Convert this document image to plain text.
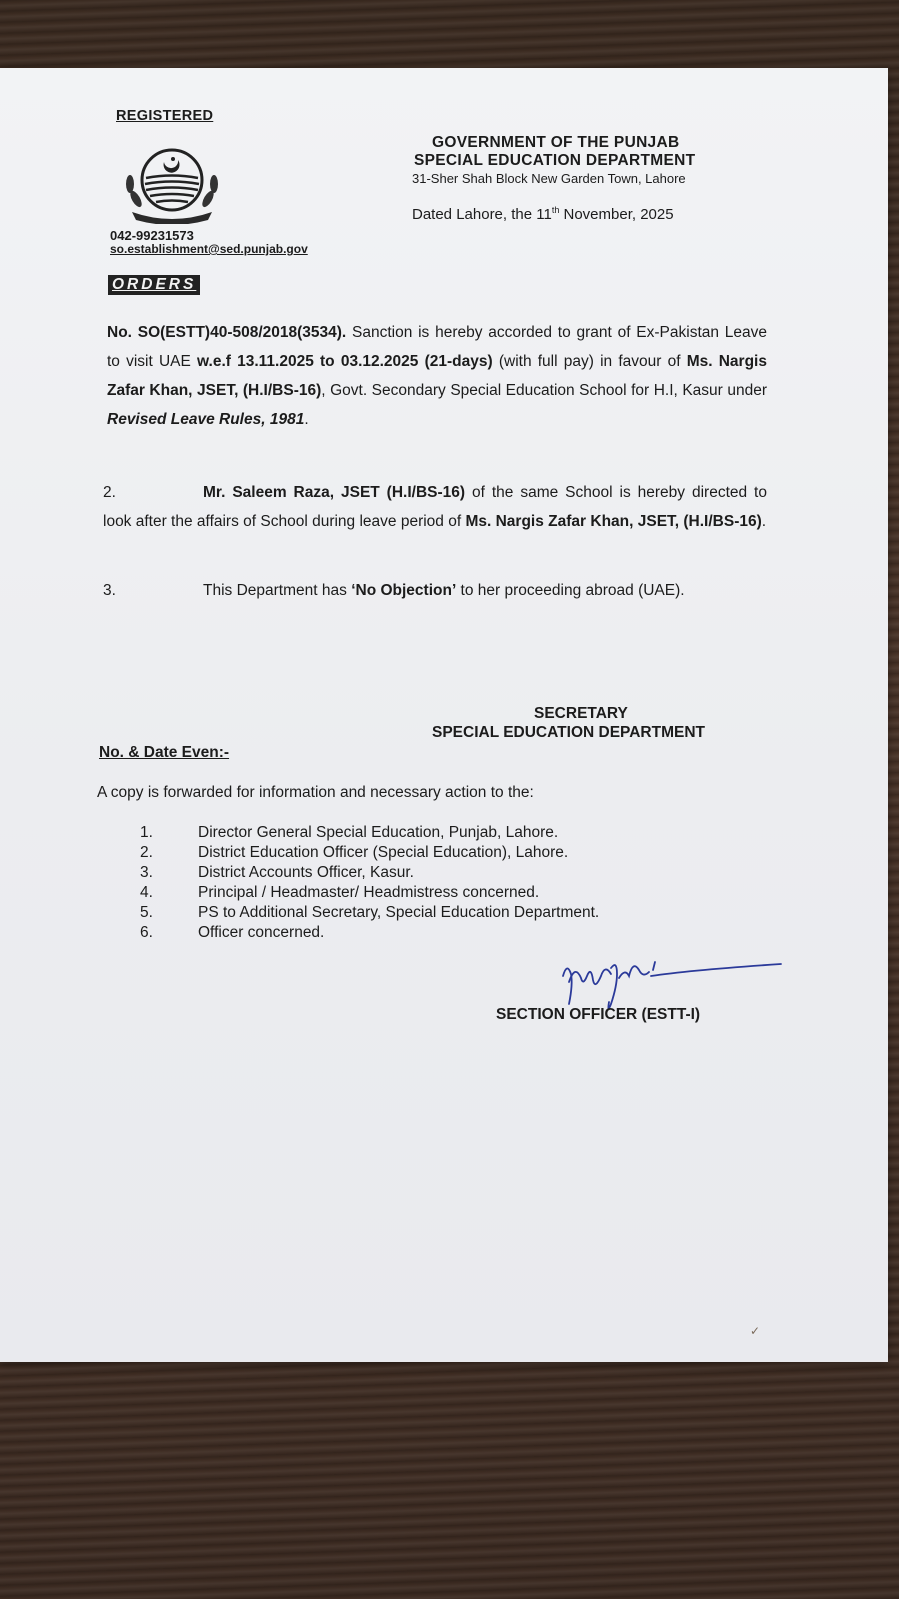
REGISTERED
042-99231573
so.establishment@sed.punjab.gov
GOVERNMENT OF THE PUNJAB
SPECIAL EDUCATION DEPARTMENT
31-Sher Shah Block New Garden Town, Lahore
Dated Lahore, the 11th November, 2025
ORDERS
No. SO(ESTT)40-508/2018(3534). Sanction is hereby accorded to grant of Ex-Pakistan Leave to visit UAE w.e.f 13.11.2025 to 03.12.2025 (21-days) (with full pay) in favour of Ms. Nargis Zafar Khan, JSET, (H.I/BS-16), Govt. Secondary Special Education School for H.I, Kasur under Revised Leave Rules, 1981.
2.	Mr. Saleem Raza, JSET (H.I/BS-16) of the same School is hereby directed to look after the affairs of School during leave period of Ms. Nargis Zafar Khan, JSET, (H.I/BS-16).
3.	This Department has ‘No Objection’ to her proceeding abroad (UAE).
SECRETARY
SPECIAL EDUCATION DEPARTMENT
No. & Date Even:-
A copy is forwarded for information and necessary action to the:
1.	Director General Special Education, Punjab, Lahore.
2.	District Education Officer (Special Education), Lahore.
3.	District Accounts Officer, Kasur.
4.	Principal / Headmaster/ Headmistress concerned.
5.	PS to Additional Secretary, Special Education Department.
6.	Officer concerned.
SECTION OFFICER (ESTT-I)
✓
